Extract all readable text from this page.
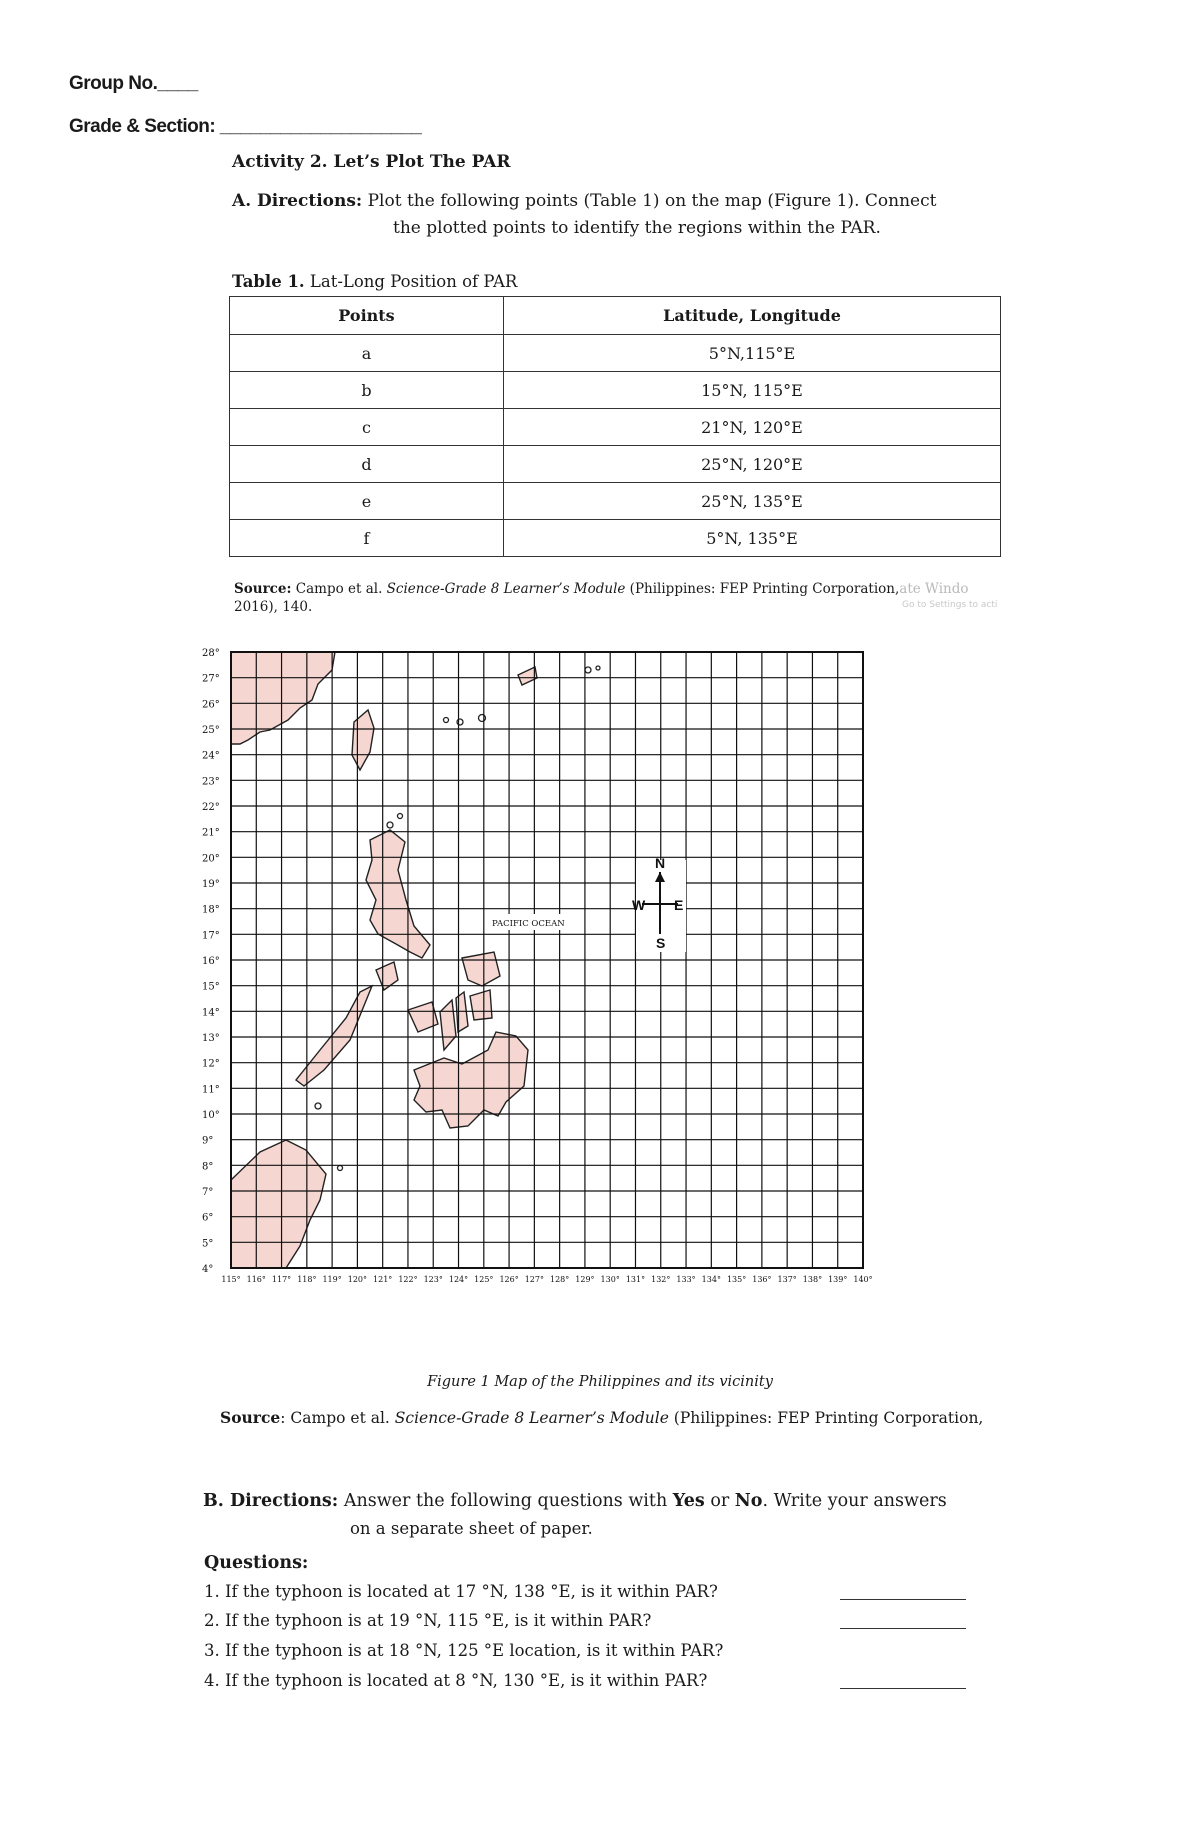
Group No.____
Grade & Section: ____________________
Activity 2. Let’s Plot The PAR
A. Directions: Plot the following points (Table 1) on the map (Figure 1). Connect
the plotted points to identify the regions within the PAR.
Table 1. Lat-Long Position of PAR
Points	Latitude, Longitude
a	5°N,115°E
b	15°N, 115°E
c	21°N, 120°E
d	25°N, 120°E
e	25°N, 135°E
f	5°N, 135°E
Source: Campo et al. Science-Grade 8 Learner’s Module (Philippines: FEP Printing Corporation,ate Windo
2016), 140.	Go to Settings to acti
28°
27°
26°
25°
24°
23°
22°
21°
20°
19°
18°
17°
16°
15°
14°
13°
12°
11°
10°
9°
8°
7°
6°
5°
4°
115° 116° 117° 118° 119° 120° 121° 122° 123° 124° 125° 126° 127° 128° 129° 130° 131° 132° 133° 134° 135° 136° 137° 138° 139° 140°
PACIFIC OCEAN
N
S
W E
Figure 1 Map of the Philippines and its vicinity
Source: Campo et al. Science-Grade 8 Learner’s Module (Philippines: FEP Printing Corporation,
B. Directions: Answer the following questions with Yes or No. Write your answers
on a separate sheet of paper.
Questions:
1. If the typhoon is located at 17 °N, 138 °E, is it within PAR?
2. If the typhoon is at 19 °N, 115 °E, is it within PAR?
3. If the typhoon is at 18 °N, 125 °E location, is it within PAR?
4. If the typhoon is located at 8 °N, 130 °E, is it within PAR?
